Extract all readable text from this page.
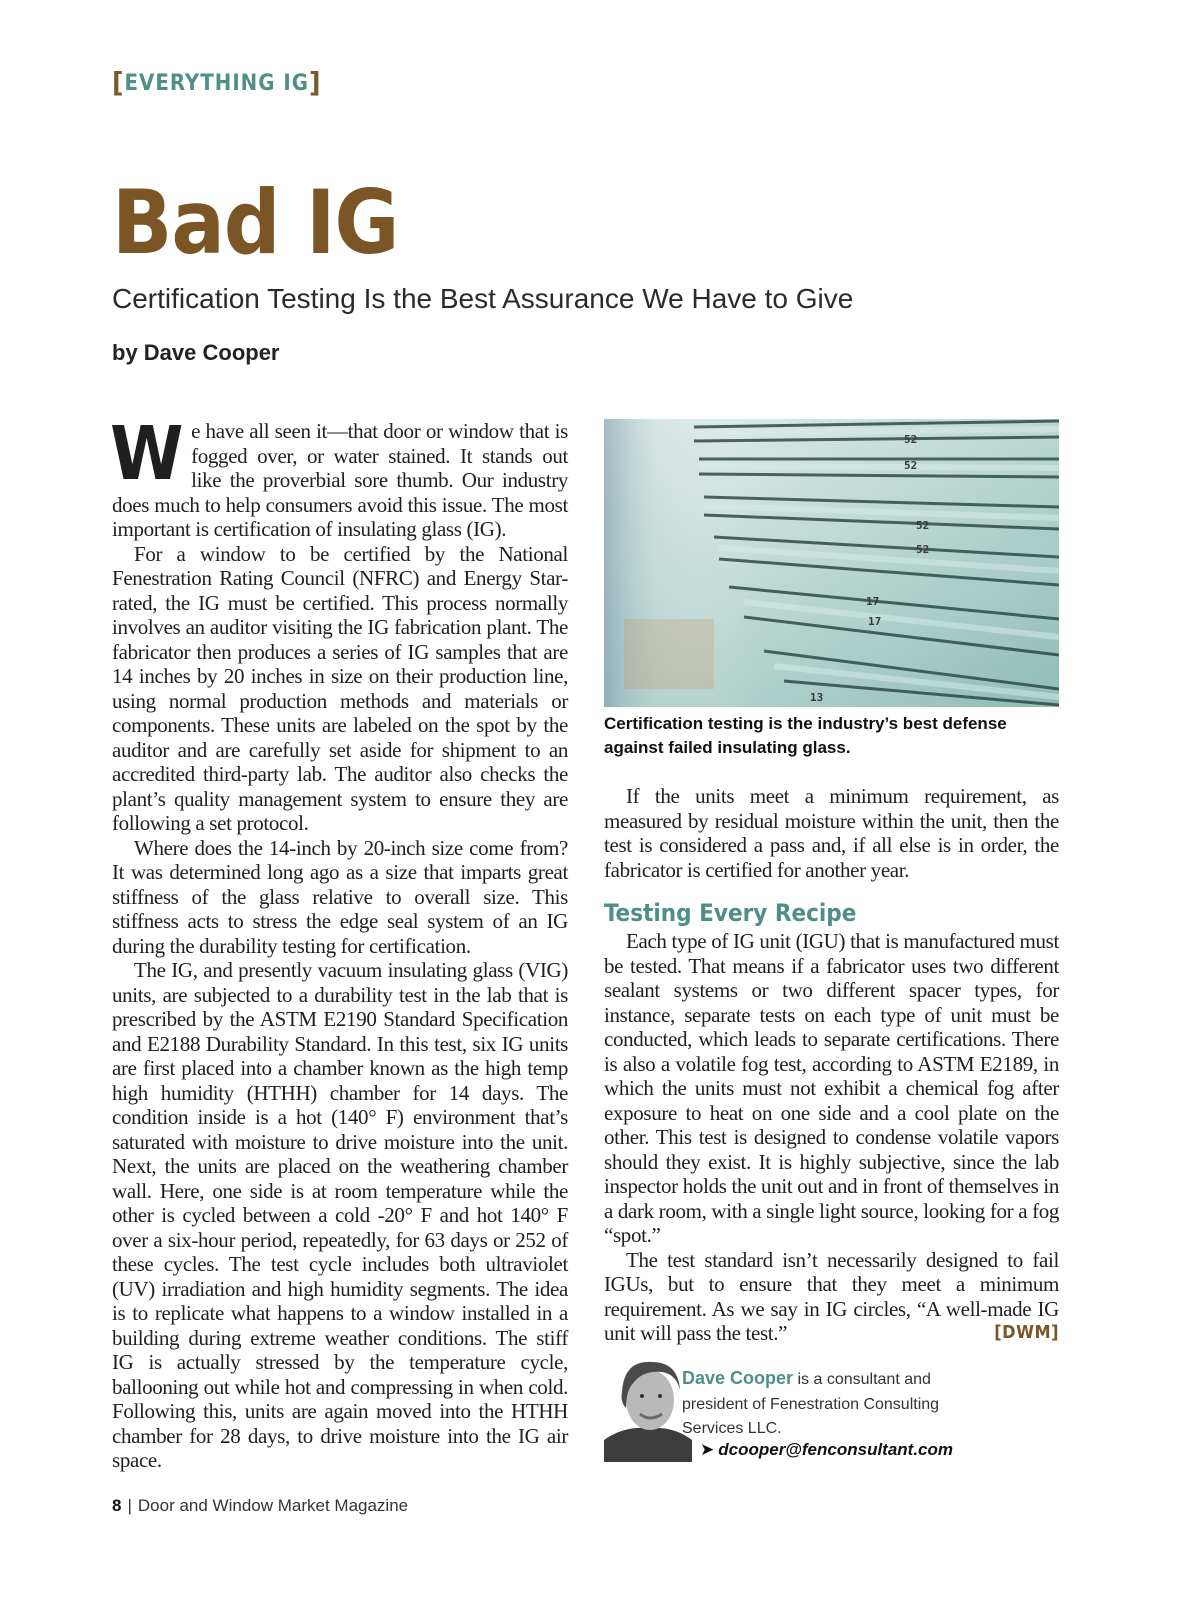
[EVERYTHING IG]
Bad IG
Certification Testing Is the Best Assurance We Have to Give
by Dave Cooper

We have all seen it—that door or window that is fogged over, or water stained. It stands out like the proverbial sore thumb. Our industry does much to help consumers avoid this issue. The most important is certification of insulating glass (IG).

For a window to be certified by the National Fenestration Rating Council (NFRC) and Energy Star-rated, the IG must be certified. This process normally involves an auditor visiting the IG fabrication plant. The fabricator then produces a series of IG samples that are 14 inches by 20 inches in size on their production line, using normal production methods and materials or components. These units are labeled on the spot by the auditor and are carefully set aside for shipment to an accredited third-party lab. The auditor also checks the plant’s quality management system to ensure they are following a set protocol.

Where does the 14-inch by 20-inch size come from? It was determined long ago as a size that imparts great stiffness of the glass relative to overall size. This stiffness acts to stress the edge seal system of an IG during the durability testing for certification.

The IG, and presently vacuum insulating glass (VIG) units, are subjected to a durability test in the lab that is prescribed by the ASTM E2190 Standard Specification and E2188 Durability Standard. In this test, six IG units are first placed into a chamber known as the high temp high humidity (HTHH) chamber for 14 days. The condition inside is a hot (140° F) environment that’s saturated with moisture to drive moisture into the unit. Next, the units are placed on the weathering chamber wall. Here, one side is at room temperature while the other is cycled between a cold -20° F and hot 140° F over a six-hour period, repeatedly, for 63 days or 252 of these cycles. The test cycle includes both ultraviolet (UV) irradiation and high humidity segments. The idea is to replicate what happens to a window installed in a building during extreme weather conditions. The stiff IG is actually stressed by the temperature cycle, ballooning out while hot and compressing in when cold. Following this, units are again moved into the HTHH chamber for 28 days, to drive moisture into the IG air space.

52
52
52
52
17
17
13
Certification testing is the industry’s best defense against failed insulating glass.

If the units meet a minimum requirement, as measured by residual moisture within the unit, then the test is considered a pass and, if all else is in order, the fabricator is certified for another year.

Testing Every Recipe

Each type of IG unit (IGU) that is manufactured must be tested. That means if a fabricator uses two different sealant systems or two different spacer types, for instance, separate tests on each type of unit must be conducted, which leads to separate certifications. There is also a volatile fog test, according to ASTM E2189, in which the units must not exhibit a chemical fog after exposure to heat on one side and a cool plate on the other. This test is designed to condense volatile vapors should they exist. It is highly subjective, since the lab inspector holds the unit out and in front of themselves in a dark room, with a single light source, looking for a fog “spot.”

The test standard isn’t necessarily designed to fail IGUs, but to ensure that they meet a minimum requirement. As we say in IG circles, “A well-made IG unit will pass the test.”	[DWM]

Dave Cooper is a consultant and president of Fenestration Consulting Services LLC.
➤ dcooper@fenconsultant.com
8 | Door and Window Market Magazine
